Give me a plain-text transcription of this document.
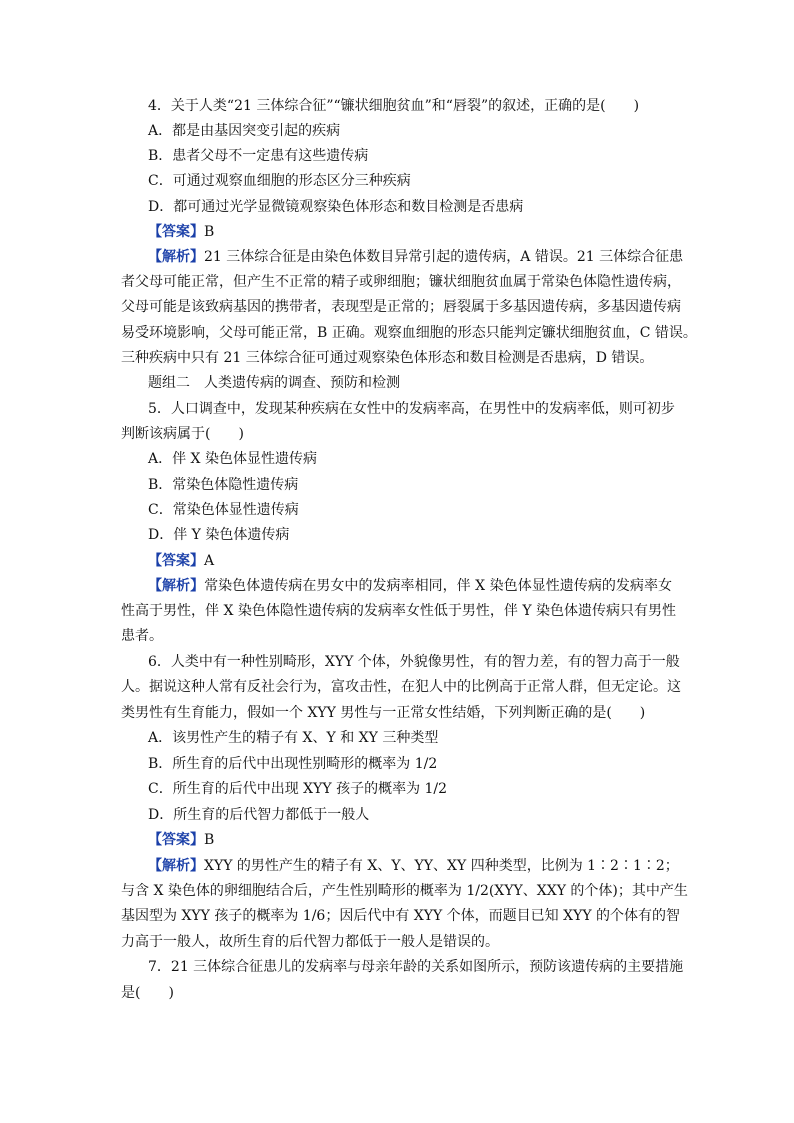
4．关于人类“21 三体综合征”“镰状细胞贫血”和“唇裂”的叙述，正确的是(　　)
A．都是由基因突变引起的疾病
B．患者父母不一定患有这些遗传病
C．可通过观察血细胞的形态区分三种疾病
D．都可通过光学显微镜观察染色体形态和数目检测是否患病
【答案】B
【解析】21 三体综合征是由染色体数目异常引起的遗传病，A 错误。21 三体综合征患
者父母可能正常，但产生不正常的精子或卵细胞；镰状细胞贫血属于常染色体隐性遗传病，
父母可能是该致病基因的携带者，表现型是正常的；唇裂属于多基因遗传病，多基因遗传病
易受环境影响，父母可能正常，B 正确。观察血细胞的形态只能判定镰状细胞贫血，C 错误。
三种疾病中只有 21 三体综合征可通过观察染色体形态和数目检测是否患病，D 错误。
题组二　人类遗传病的调查、预防和检测
5．人口调查中，发现某种疾病在女性中的发病率高，在男性中的发病率低，则可初步
判断该病属于(　　)
A．伴 X 染色体显性遗传病
B．常染色体隐性遗传病
C．常染色体显性遗传病
D．伴 Y 染色体遗传病
【答案】A
【解析】常染色体遗传病在男女中的发病率相同，伴 X 染色体显性遗传病的发病率女
性高于男性，伴 X 染色体隐性遗传病的发病率女性低于男性，伴 Y 染色体遗传病只有男性
患者。
6．人类中有一种性别畸形，XYY 个体，外貌像男性，有的智力差，有的智力高于一般
人。据说这种人常有反社会行为，富攻击性，在犯人中的比例高于正常人群，但无定论。这
类男性有生育能力，假如一个 XYY 男性与一正常女性结婚，下列判断正确的是(　　)
A．该男性产生的精子有 X、Y 和 XY 三种类型
B．所生育的后代中出现性别畸形的概率为 1/2
C．所生育的后代中出现 XYY 孩子的概率为 1/2
D．所生育的后代智力都低于一般人
【答案】B
【解析】XYY 的男性产生的精子有 X、Y、YY、XY 四种类型，比例为 1∶2∶1∶2；
与含 X 染色体的卵细胞结合后，产生性别畸形的概率为 1/2(XYY、XXY 的个体)；其中产生
基因型为 XYY 孩子的概率为 1/6；因后代中有 XYY 个体，而题目已知 XYY 的个体有的智
力高于一般人，故所生育的后代智力都低于一般人是错误的。
7．21 三体综合征患儿的发病率与母亲年龄的关系如图所示，预防该遗传病的主要措施
是(　　)
